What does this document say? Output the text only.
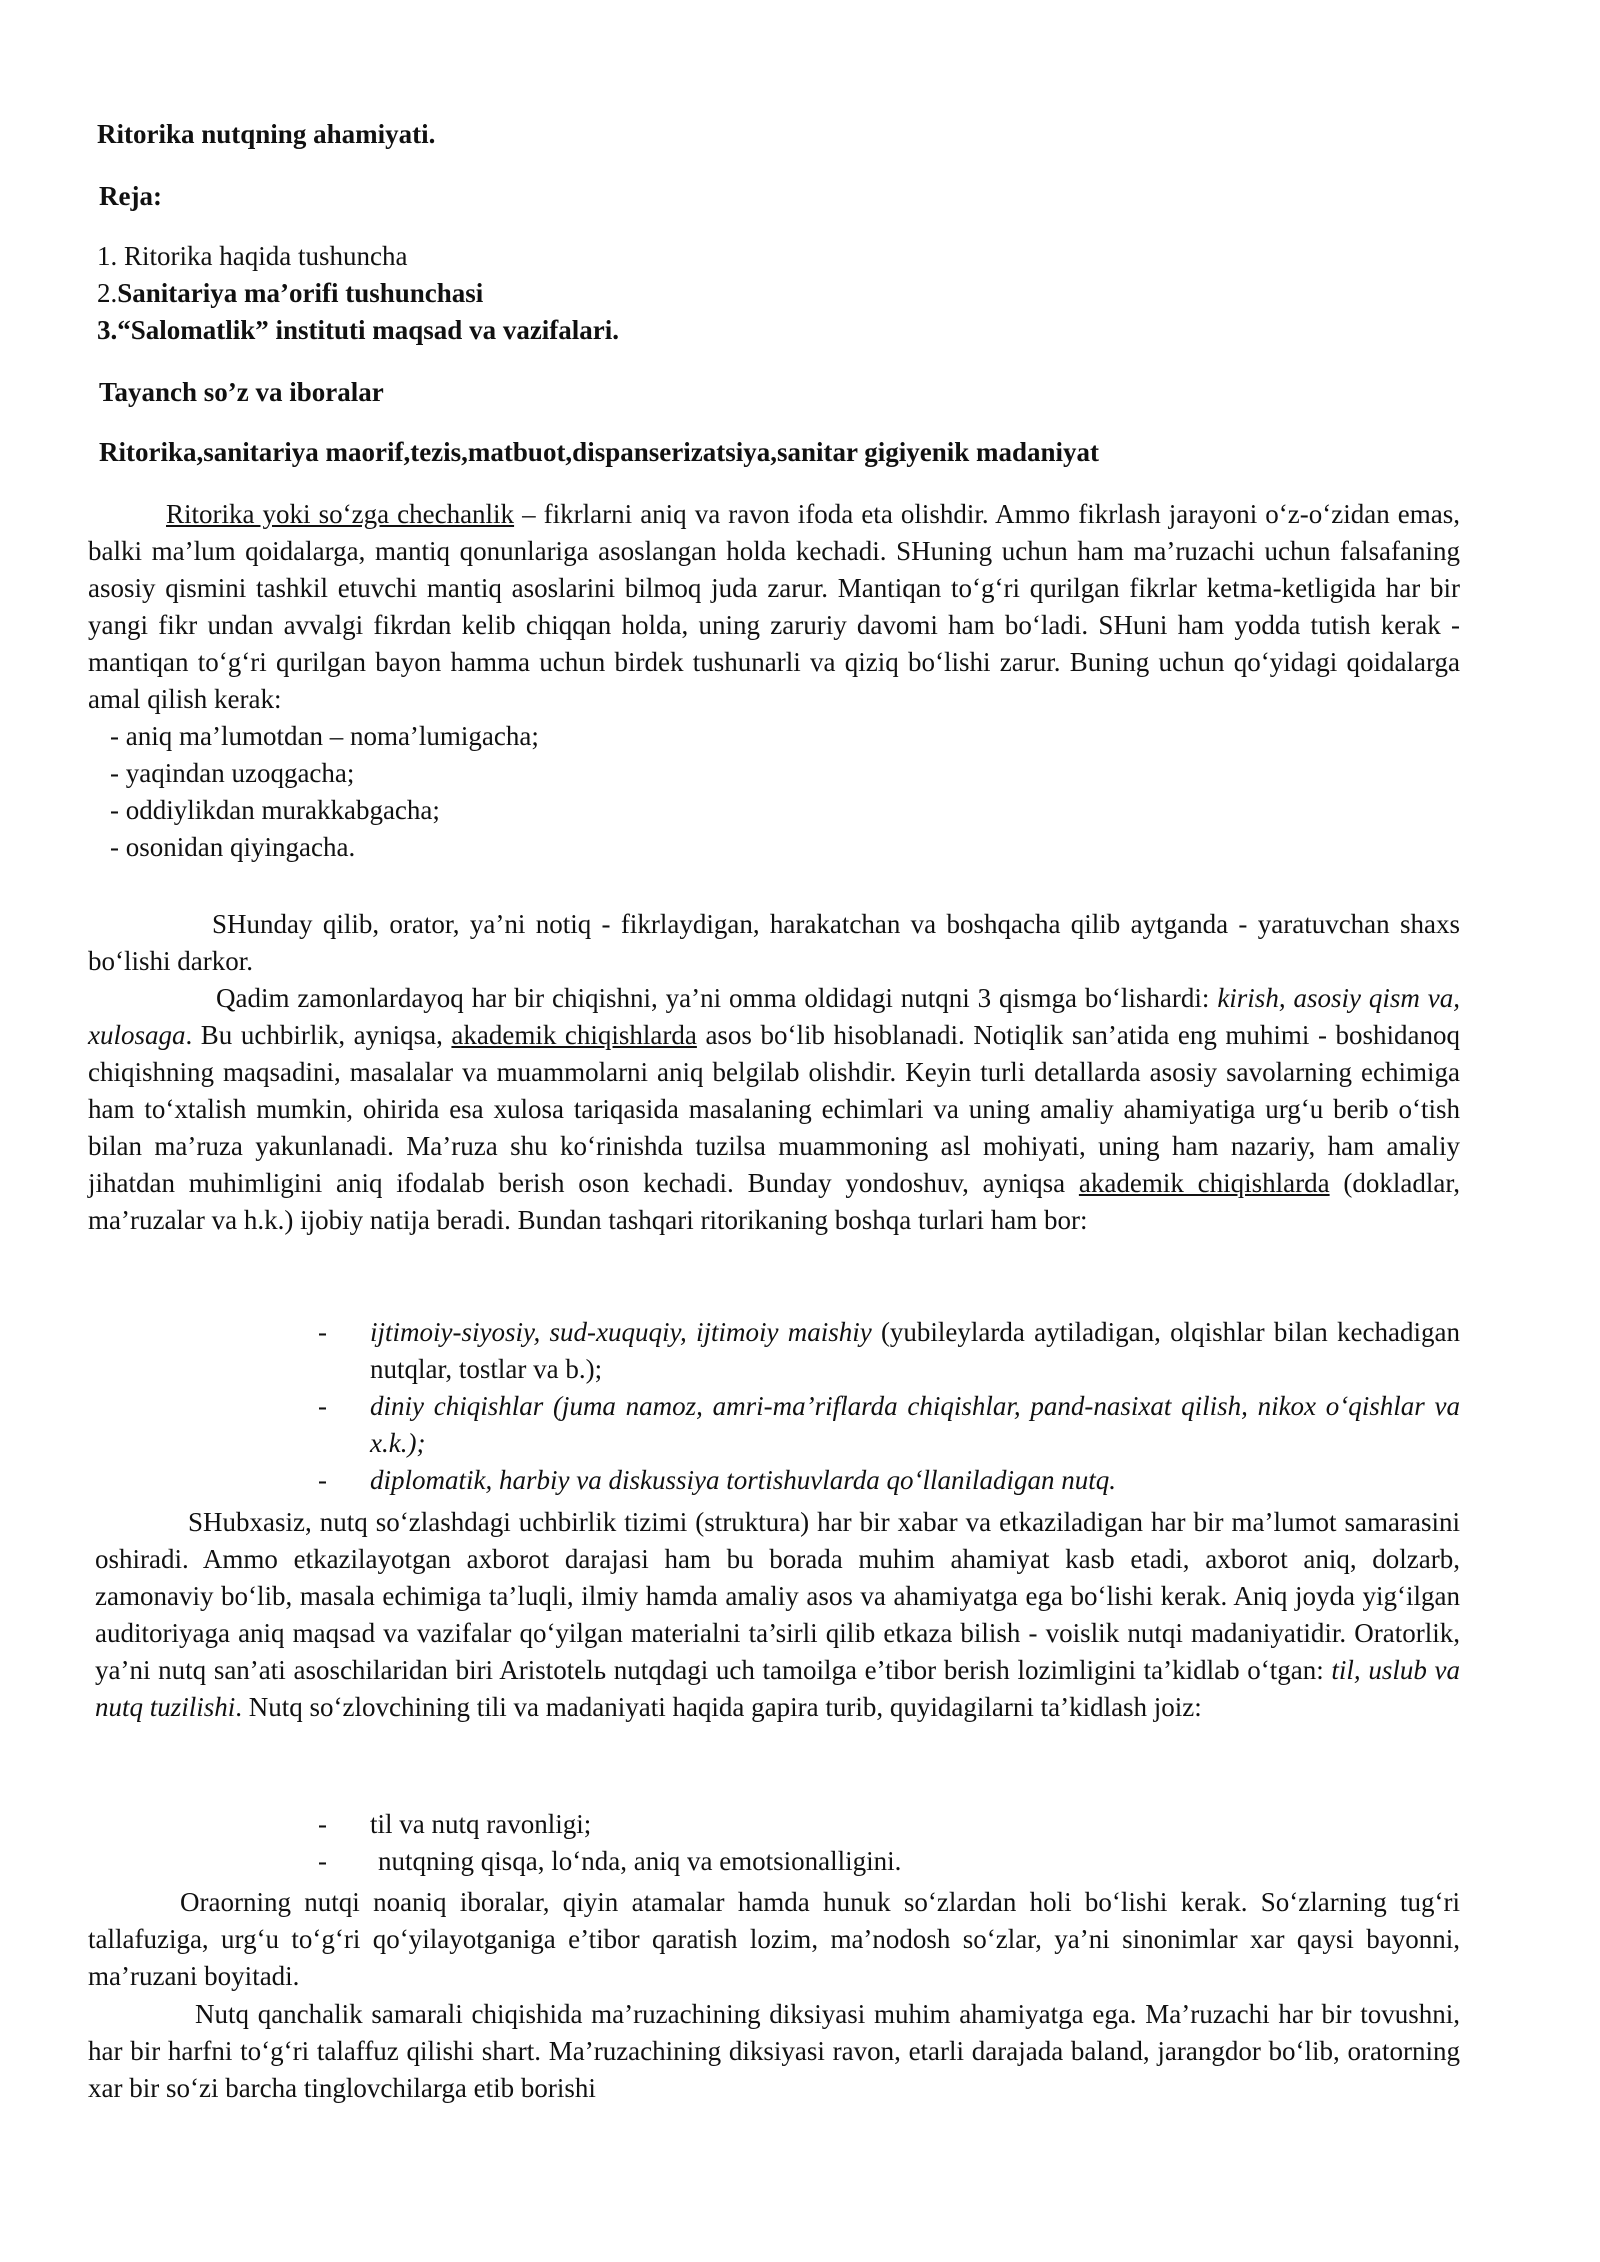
Ritorika nutqning ahamiyati.
Reja:
1. Ritorika haqida tushuncha
2.Sanitariya ma’orifi tushunchasi
3.“Salomatlik” instituti maqsad va vazifalari.
Tayanch so’z va iboralar
Ritorika,sanitariya maorif,tezis,matbuot,dispanserizatsiya,sanitar gigiyenik madaniyat

Ritorika yoki so‘zga chechanlik – fikrlarni aniq va ravon ifoda eta olishdir. Ammo fikrlash jarayoni o‘z-o‘zidan emas, balki ma’lum qoidalarga, mantiq qonunlariga asoslangan holda kechadi. SHuning uchun ham ma’ruzachi uchun falsafaning asosiy qismini tashkil etuvchi mantiq asoslarini bilmoq juda zarur. Mantiqan to‘g‘ri qurilgan fikrlar ketma-ketligida har bir yangi fikr undan avvalgi fikrdan kelib chiqqan holda, uning zaruriy davomi ham bo‘ladi. SHuni ham yodda tutish kerak - mantiqan to‘g‘ri qurilgan bayon hamma uchun birdek tushunarli va qiziq bo‘lishi zarur. Buning uchun qo‘yidagi qoidalarga amal qilish kerak:

- aniq ma’lumotdan – noma’lumigacha;
- yaqindan uzoqgacha;
- oddiylikdan murakkabgacha;
- osonidan qiyingacha.

SHunday qilib, orator, ya’ni notiq - fikrlaydigan, harakatchan va boshqacha qilib aytganda - yaratuvchan shaxs bo‘lishi darkor.

Qadim zamonlardayoq har bir chiqishni, ya’ni omma oldidagi nutqni 3 qismga bo‘lishardi: kirish, asosiy qism va, xulosaga. Bu uchbirlik, ayniqsa, akademik chiqishlarda asos bo‘lib hisoblanadi. Notiqlik san’atida eng muhimi - boshidanoq chiqishning maqsadini, masalalar va muammolarni aniq belgilab olishdir. Keyin turli detallarda asosiy savolarning echimiga ham to‘xtalish mumkin, ohirida esa xulosa tariqasida masalaning echimlari va uning amaliy ahamiyatiga urg‘u berib o‘tish bilan ma’ruza yakunlanadi. Ma’ruza shu ko‘rinishda tuzilsa muammoning asl mohiyati, uning ham nazariy, ham amaliy jihatdan muhimligini aniq ifodalab berish oson kechadi. Bunday yondoshuv, ayniqsa akademik chiqishlarda (dokladlar, ma’ruzalar va h.k.) ijobiy natija beradi. Bundan tashqari ritorikaning boshqa turlari ham bor:

-	ijtimoiy-siyosiy, sud-xuquqiy, ijtimoiy maishiy (yubileylarda aytiladigan, olqishlar bilan kechadigan nutqlar, tostlar va b.);
-	diniy chiqishlar (juma namoz, amri-ma’riflarda chiqishlar, pand-nasixat qilish, nikox o‘qishlar va x.k.);
-	diplomatik, harbiy va diskussiya tortishuvlarda qo‘llaniladigan nutq.

SHubxasiz, nutq so‘zlashdagi uchbirlik tizimi (struktura) har bir xabar va etkaziladigan har bir ma’lumot samarasini oshiradi. Ammo etkazilayotgan axborot darajasi ham bu borada muhim ahamiyat kasb etadi, axborot aniq, dolzarb, zamonaviy bo‘lib, masala echimiga ta’luqli, ilmiy hamda amaliy asos va ahamiyatga ega bo‘lishi kerak. Aniq joyda yig‘ilgan auditoriyaga aniq maqsad va vazifalar qo‘yilgan materialni ta’sirli qilib etkaza bilish - voislik nutqi madaniyatidir. Oratorlik, ya’ni nutq san’ati asoschilaridan biri Aristotelь nutqdagi uch tamoilga e’tibor berish lozimligini ta’kidlab o‘tgan: til, uslub va nutq tuzilishi. Nutq so‘zlovchining tili va madaniyati haqida gapira turib, quyidagilarni ta’kidlash joiz:

-	til va nutq ravonligi;
-	nutqning qisqa, lo‘nda, aniq va emotsionalligini.

Oraorning nutqi noaniq iboralar, qiyin atamalar hamda hunuk so‘zlardan holi bo‘lishi kerak. So‘zlarning tug‘ri tallafuziga, urg‘u to‘g‘ri qo‘yilayotganiga e’tibor qaratish lozim, ma’nodosh so‘zlar, ya’ni sinonimlar xar qaysi bayonni, ma’ruzani boyitadi.

Nutq qanchalik samarali chiqishida ma’ruzachining diksiyasi muhim ahamiyatga ega. Ma’ruzachi har bir tovushni, har bir harfni to‘g‘ri talaffuz qilishi shart. Ma’ruzachining diksiyasi ravon, etarli darajada baland, jarangdor bo‘lib, oratorning xar bir so‘zi barcha tinglovchilarga etib borishi
